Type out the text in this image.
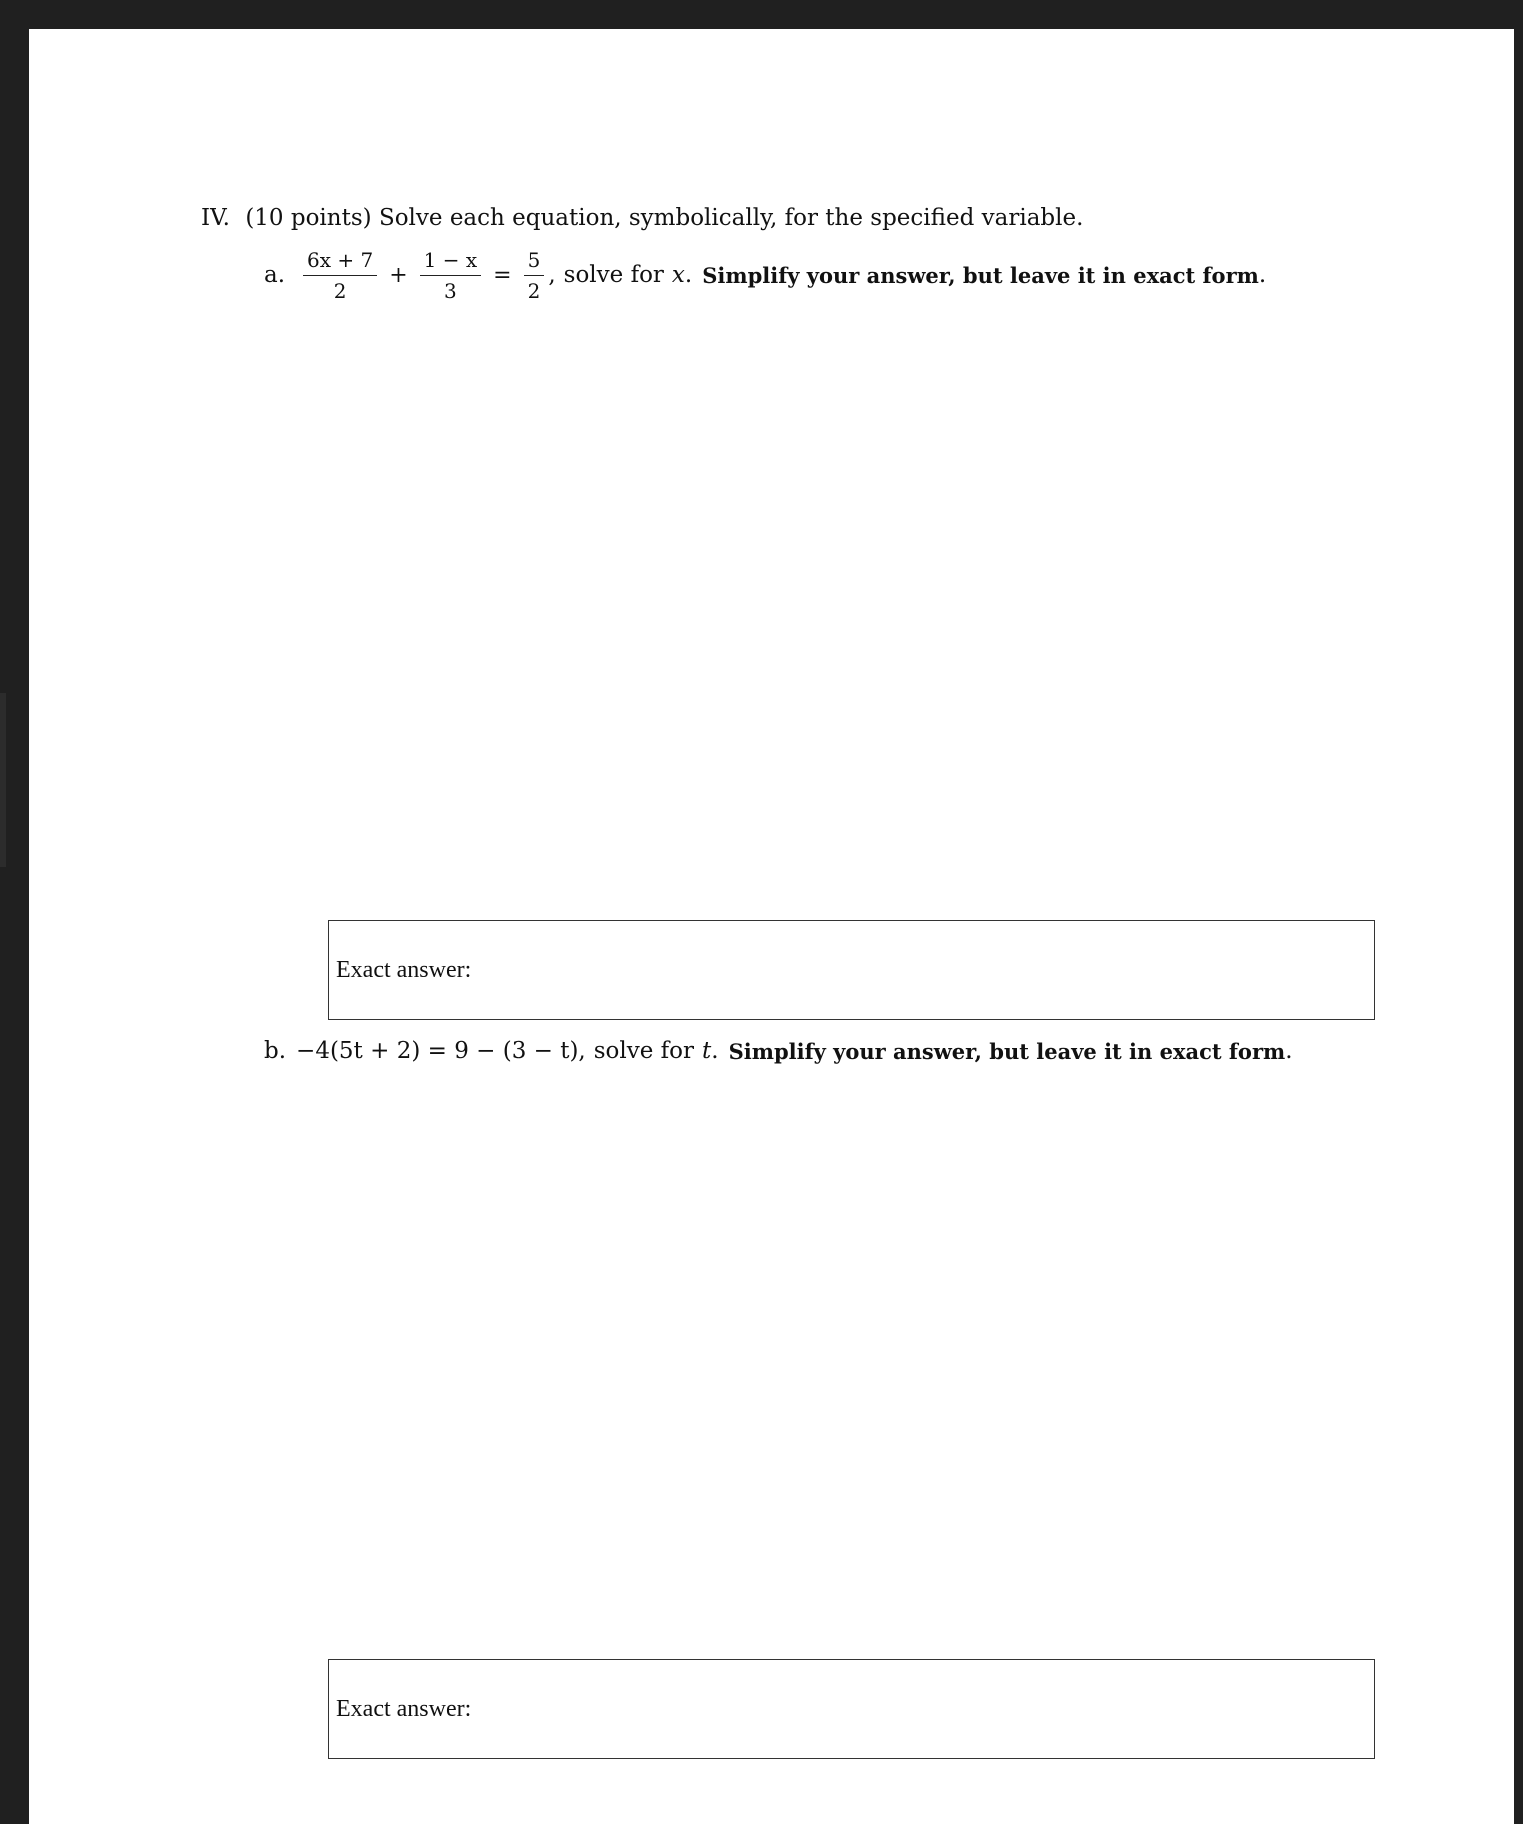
IV. (10 points) Solve each equation, symbolically, for the specified variable.
a. $\frac{6x + 7}{2} + \frac{1 - x}{3} = \frac{5}{2}$ , solve for x . Simplify your answer, but leave it in exact form .
Exact answer:
b. −4(5t + 2) = 9 − (3 − t), solve for t . Simplify your answer, but leave it in exact form .
Exact answer:
